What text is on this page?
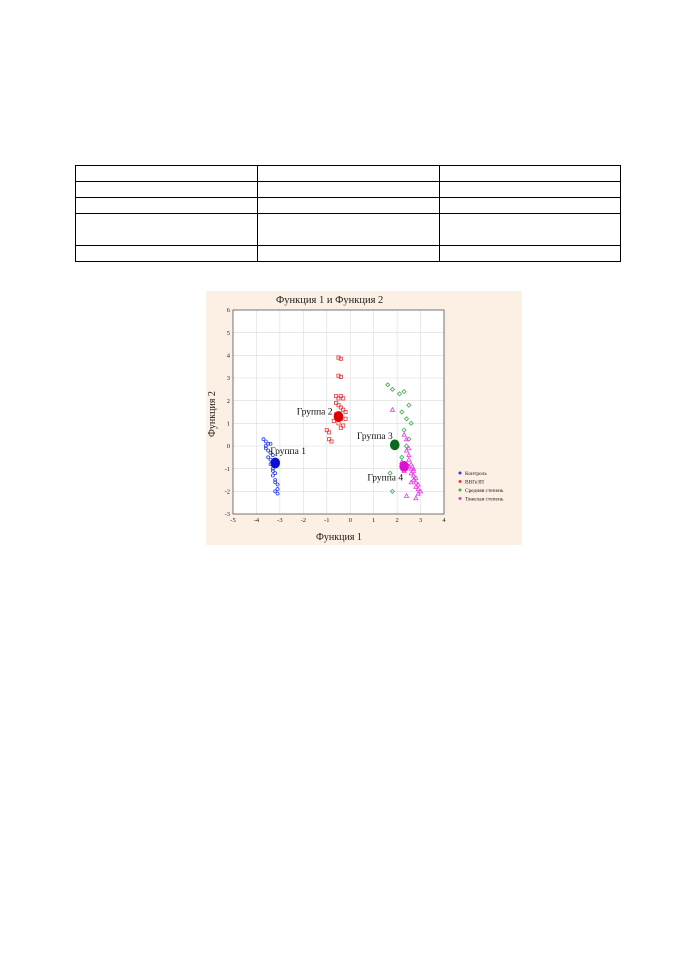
-5	-4	-3	-2	-1	0	1	2	3	4
6
5
4
3
2
1
0
-1
-2
-3
Группа 1
Группа 2
Группа 3
Группа 4
Функция 1 и Функция 2
Функция 1
Функция 2
Контроль
ВВГеЗП
Средняя степень
Тяжелая степень
